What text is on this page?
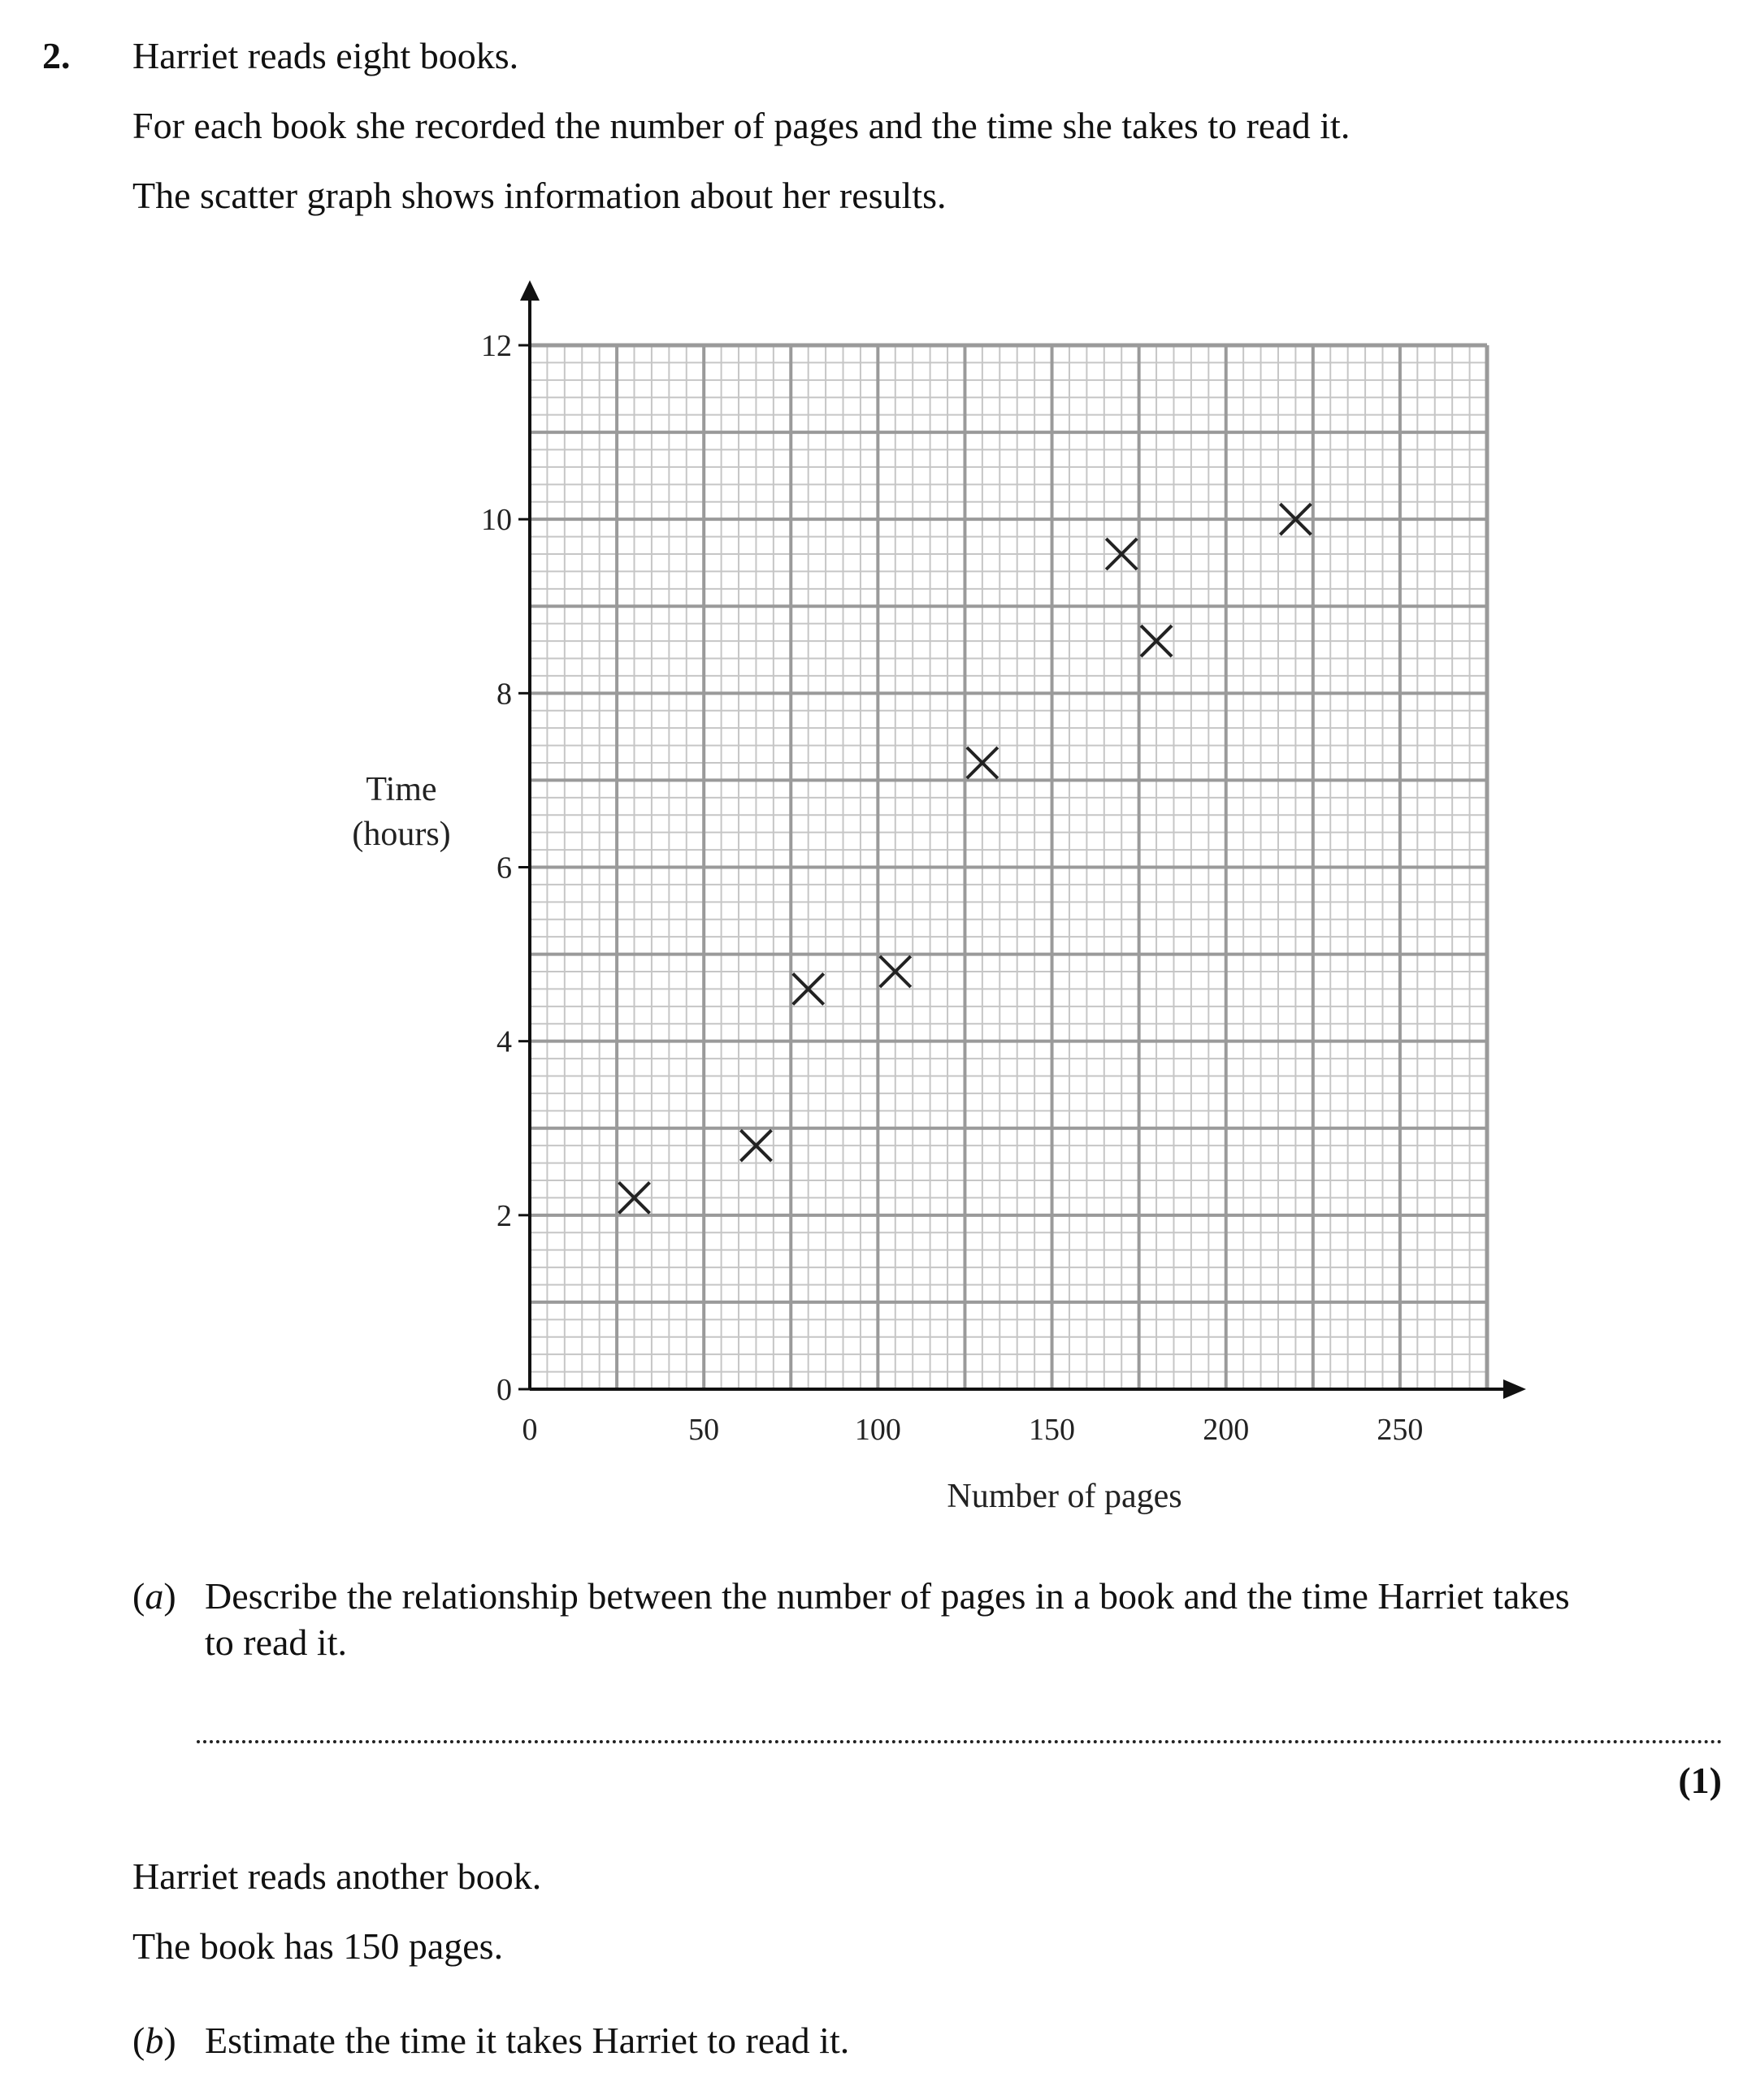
2. Harriet reads eight books.
For each book she recorded the number of pages and the time she takes to read it.
The scatter graph shows information about her results.
0
2
4
6
8
10
12
0	50	100	150	200	250
Time
(hours)
Number of pages
(a) Describe the relationship between the number of pages in a book and the time Harriet takes
to read it.
(1)
Harriet reads another book.
The book has 150 pages.
(b) Estimate the time it takes Harriet to read it.
